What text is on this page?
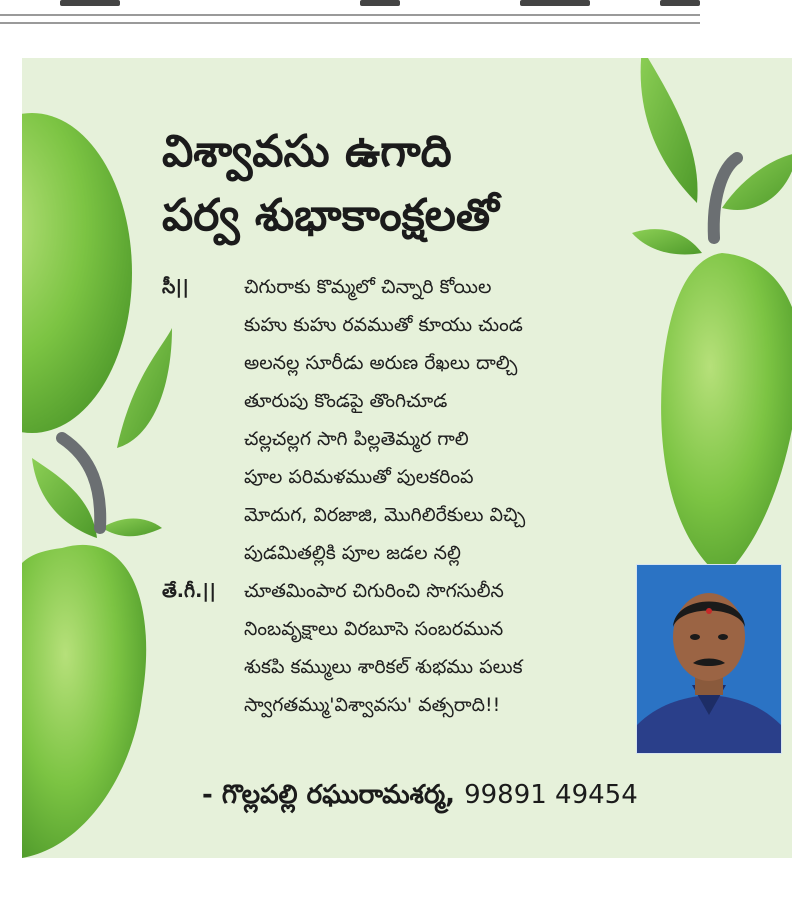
విశ్వావసు ఉగాది
పర్వ శుభాకాంక్షలతో
సీ||	చిగురాకు కొమ్మలో చిన్నారి కోయిల
కుహు కుహు రవముతో కూయు చుండ
అలనల్ల సూరీడు అరుణ రేఖలు దాల్చి
తూరుపు కొండపై తొంగిచూడ
చల్లచల్లగ సాగి పిల్లతెమ్మర గాలి
పూల పరిమళముతో పులకరింప
మోదుగ, విరజాజి, మొగిలిరేకులు విచ్చి
పుడమితల్లికి పూల జడల నల్లి
తే.గీ.|| చూతమింపార చిగురించి సొగసులీన
నింబవృక్షాలు విరబూసె సంబరమున
శుకపి కమ్ములు శారికల్ శుభము పలుక
స్వాగతమ్ము'విశ్వావసు' వత్సరాది!!
- గొల్లపల్లి రఘురామశర్మ, 99891 49454
